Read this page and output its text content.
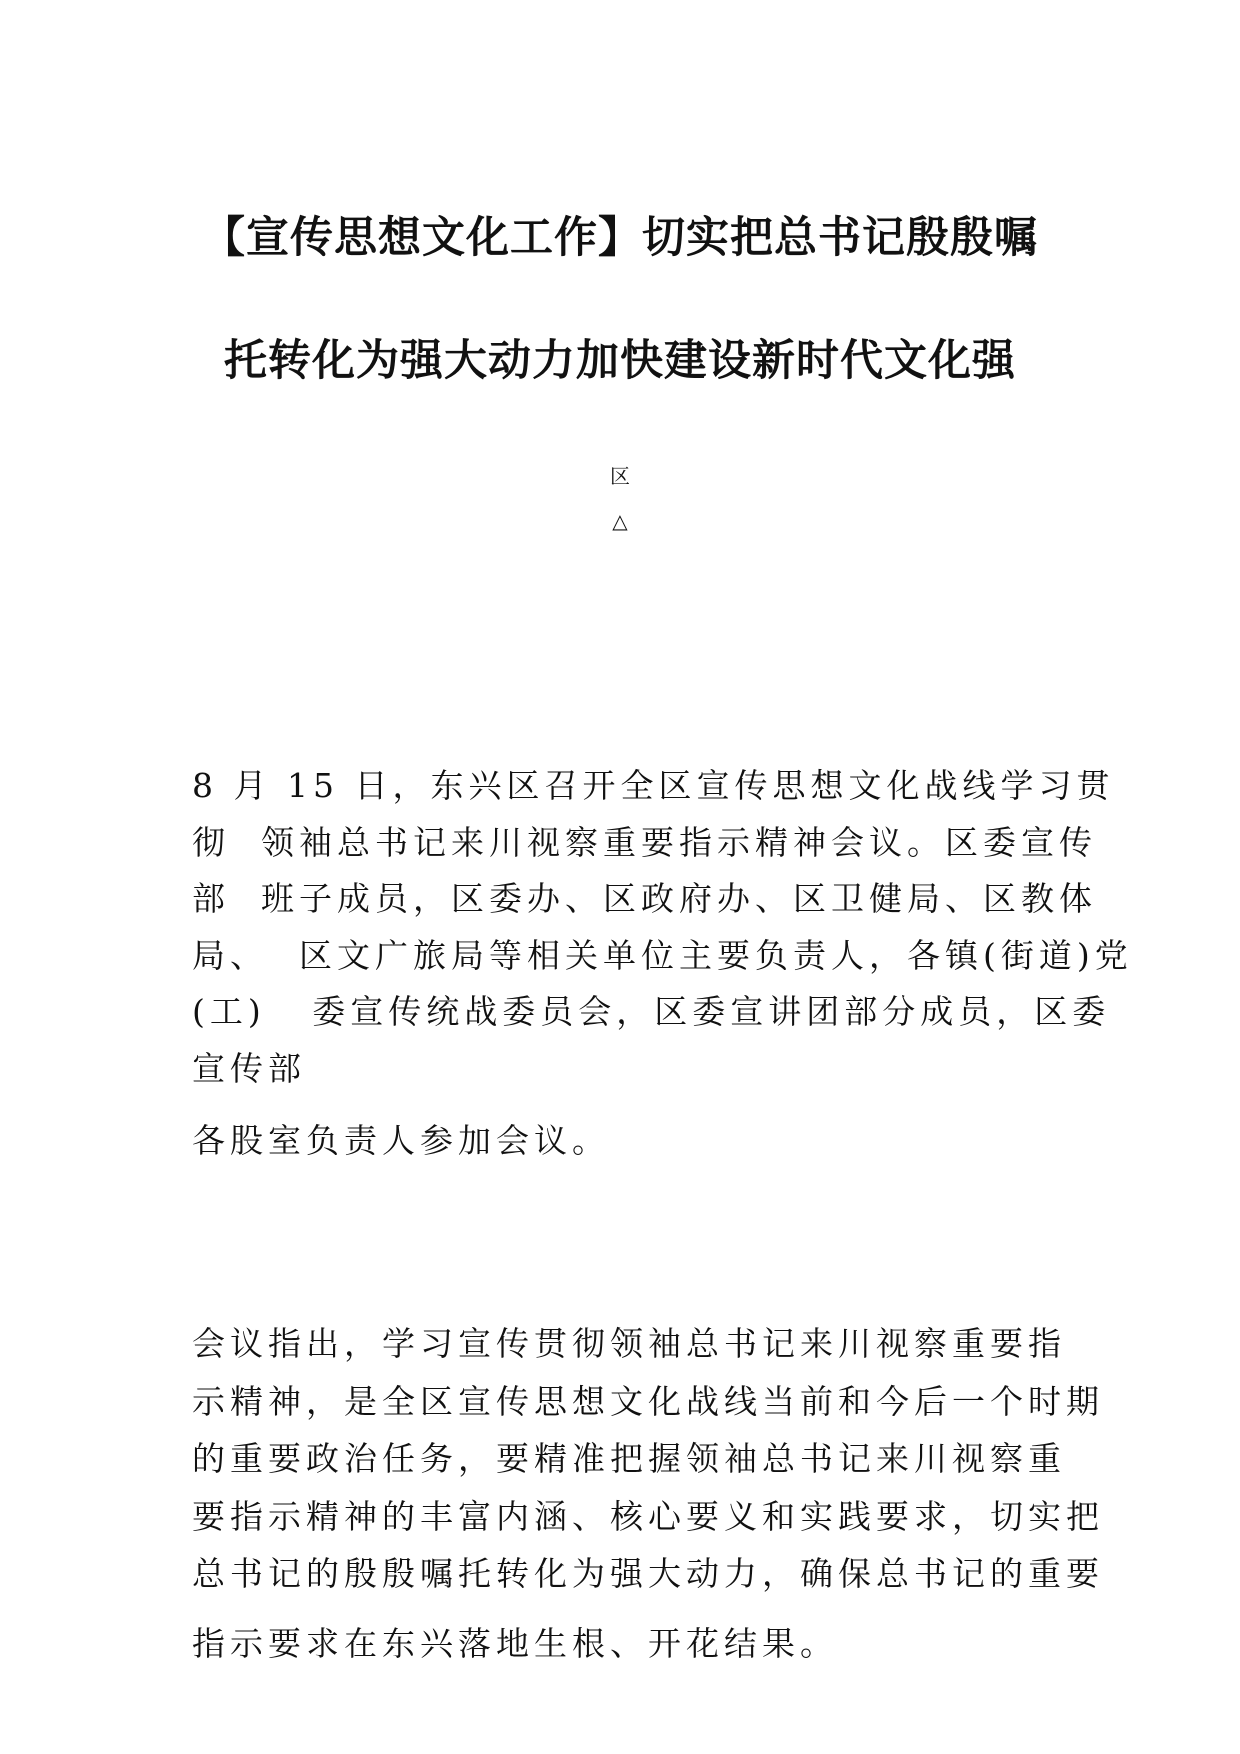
【宣传思想文化工作】切实把总书记殷殷嘱
托转化为强大动力加快建设新时代文化强
区
△
8 月 15 日，东兴区召开全区宣传思想文化战线学习贯
彻  领袖总书记来川视察重要指示精神会议。区委宣传
部  班子成员，区委办、区政府办、区卫健局、区教体
局、  区文广旅局等相关单位主要负责人，各镇(街道)党
(工)   委宣传统战委员会，区委宣讲团部分成员，区委
宣传部
各股室负责人参加会议。
会议指出，学习宣传贯彻领袖总书记来川视察重要指
示精神，是全区宣传思想文化战线当前和今后一个时期
的重要政治任务，要精准把握领袖总书记来川视察重
要指示精神的丰富内涵、核心要义和实践要求，切实把
总书记的殷殷嘱托转化为强大动力，确保总书记的重要
指示要求在东兴落地生根、开花结果。
